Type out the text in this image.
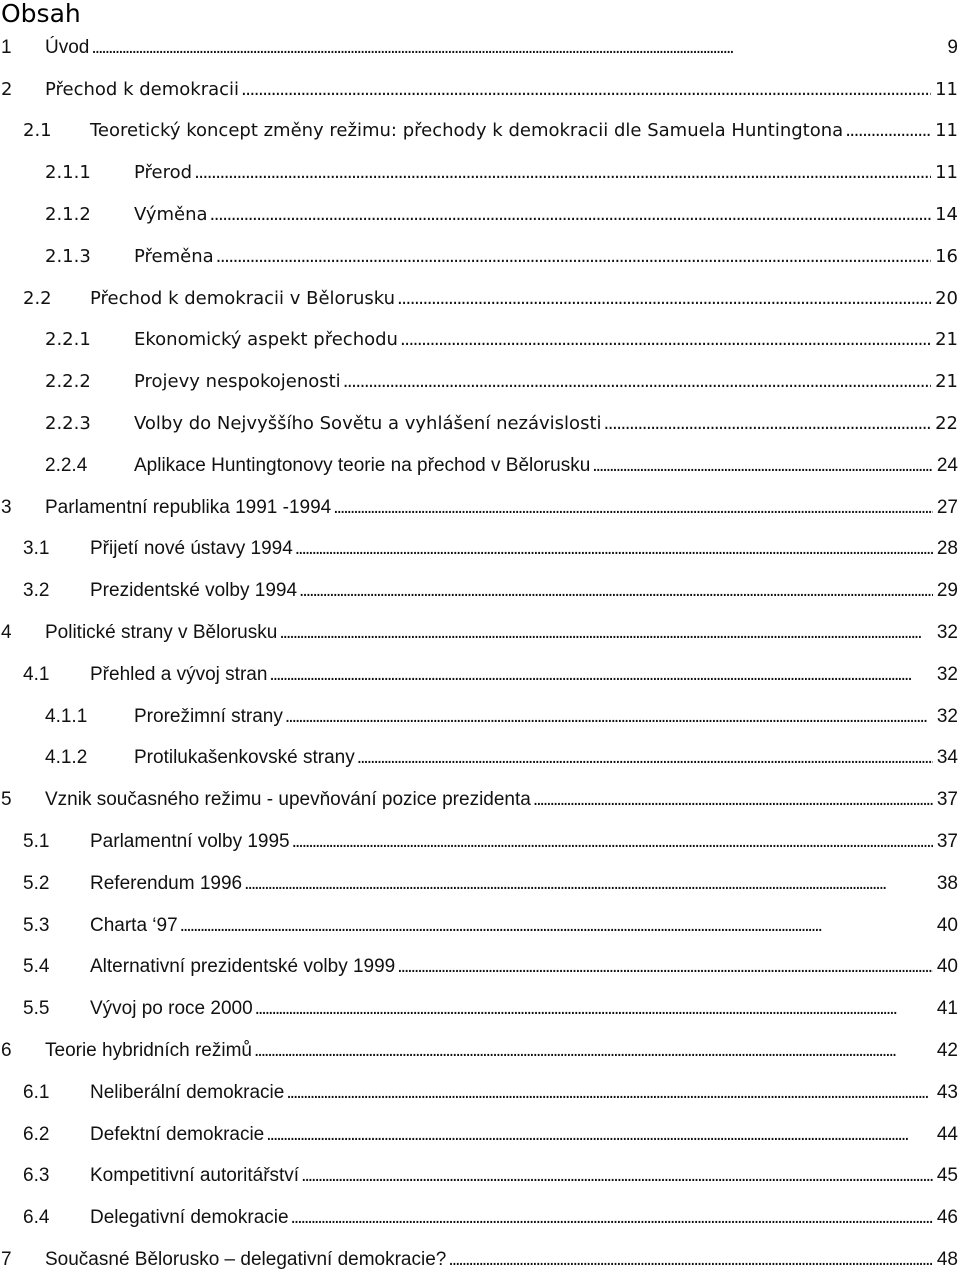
Obsah
1 Úvod . . .	9
2 Přechod k demokracii . . .	11
2.1 Teoretický koncept změny režimu: přechody k demokracii dle Samuela Huntingtona . . .	11
2.1.1 Přerod . . .	11
2.1.2 Výměna . . .	14
2.1.3 Přeměna . . .	16
2.2 Přechod k demokracii v Bělorusku . . .	20
2.2.1 Ekonomický aspekt přechodu . . .	21
2.2.2 Projevy nespokojenosti . . .	21
2.2.3 Volby do Nejvyššího Sovětu a vyhlášení nezávislosti . . .	22
2.2.4 Aplikace Huntingtonovy teorie na přechod v Bělorusku . . .	24
3 Parlamentní republika 1991 -1994 . . .	27
3.1 Přijetí nové ústavy 1994 . . .	28
3.2 Prezidentské volby 1994 . . .	29
4 Politické strany v Bělorusku . . .	32
4.1 Přehled a vývoj stran . . .	32
4.1.1 Prorežimní strany . . .	32
4.1.2 Protilukašenkovské strany . . .	34
5 Vznik současného režimu - upevňování pozice prezidenta . . .	37
5.1 Parlamentní volby 1995 . . .	37
5.2 Referendum 1996 . . .	38
5.3 Charta ‘97 . . .	40
5.4 Alternativní prezidentské volby 1999 . . .	40
5.5 Vývoj po roce 2000 . . .	41
6 Teorie hybridních režimů . . .	42
6.1 Neliberální demokracie . . .	43
6.2 Defektní demokracie . . .	44
6.3 Kompetitivní autoritářství . . .	45
6.4 Delegativní demokracie . . .	46
7 Současné Bělorusko – delegativní demokracie? . . .	48
